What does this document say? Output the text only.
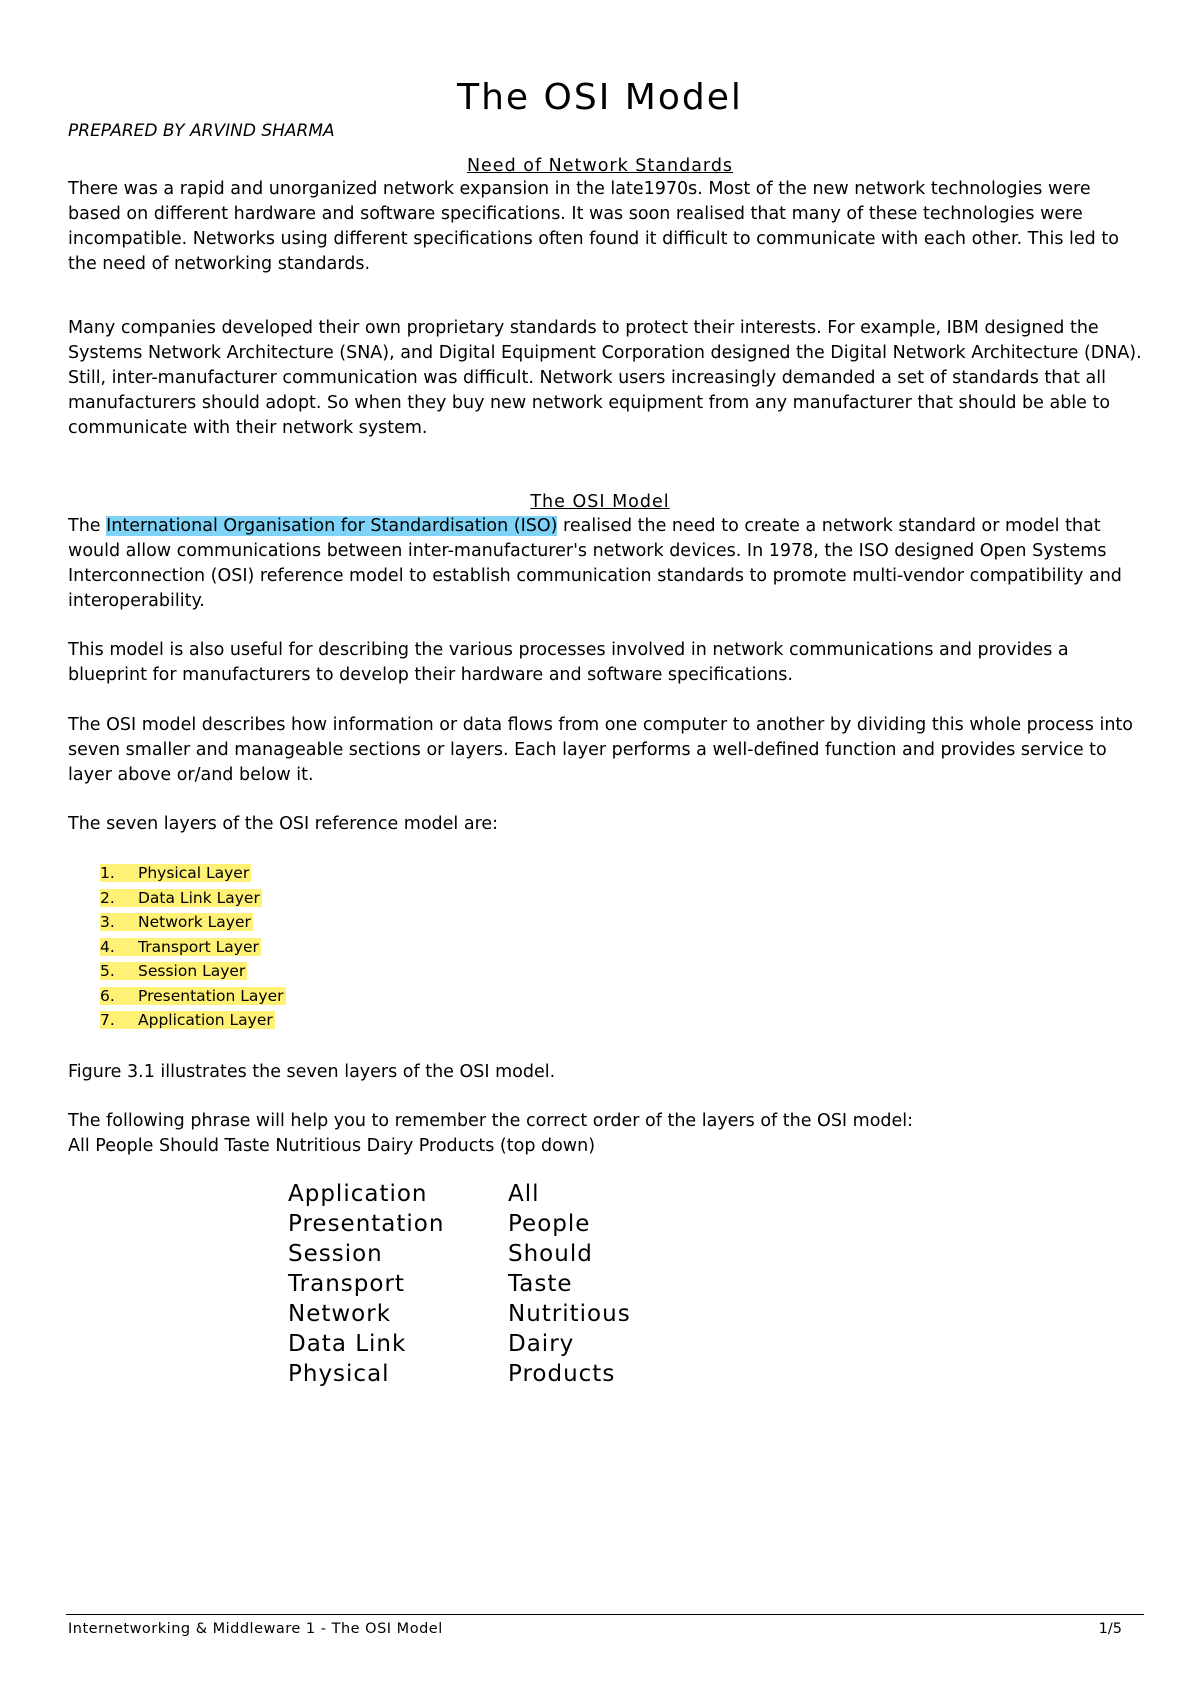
The OSI Model
PREPARED BY ARVIND SHARMA
Need of Network Standards

There was a rapid and unorganized network expansion in the late1970s. Most of the new network technologies were based on different hardware and software specifications. It was soon realised that many of these technologies were incompatible. Networks using different specifications often found it difficult to communicate with each other. This led to the need of networking standards.

Many companies developed their own proprietary standards to protect their interests. For example, IBM designed the Systems Network Architecture (SNA), and Digital Equipment Corporation designed the Digital Network Architecture (DNA). Still, inter-manufacturer communication was difficult. Network users increasingly demanded a set of standards that all manufacturers should adopt. So when they buy new network equipment from any manufacturer that should be able to communicate with their network system.

The OSI Model

The International Organisation for Standardisation (ISO) realised the need to create a network standard or model that would allow communications between inter-manufacturer's network devices. In 1978, the ISO designed Open Systems Interconnection (OSI) reference model to establish communication standards to promote multi-vendor compatibility and interoperability.

This model is also useful for describing the various processes involved in network communications and provides a blueprint for manufacturers to develop their hardware and software specifications.

The OSI model describes how information or data flows from one computer to another by dividing this whole process into seven smaller and manageable sections or layers. Each layer performs a well-defined function and provides service to layer above or/and below it.

The seven layers of the OSI reference model are:

1. Physical Layer
2. Data Link Layer
3. Network Layer
4. Transport Layer
5. Session Layer
6. Presentation Layer
7. Application Layer

Figure 3.1 illustrates the seven layers of the OSI model.

The following phrase will help you to remember the correct order of the layers of the OSI model:

All People Should Taste Nutritious Dairy Products (top down)

Application	All
Presentation	People
Session	Should
Transport	Taste
Network	Nutritious
Data Link	Dairy
Physical	Products
Internetworking & Middleware 1 - The OSI Model	1/5
